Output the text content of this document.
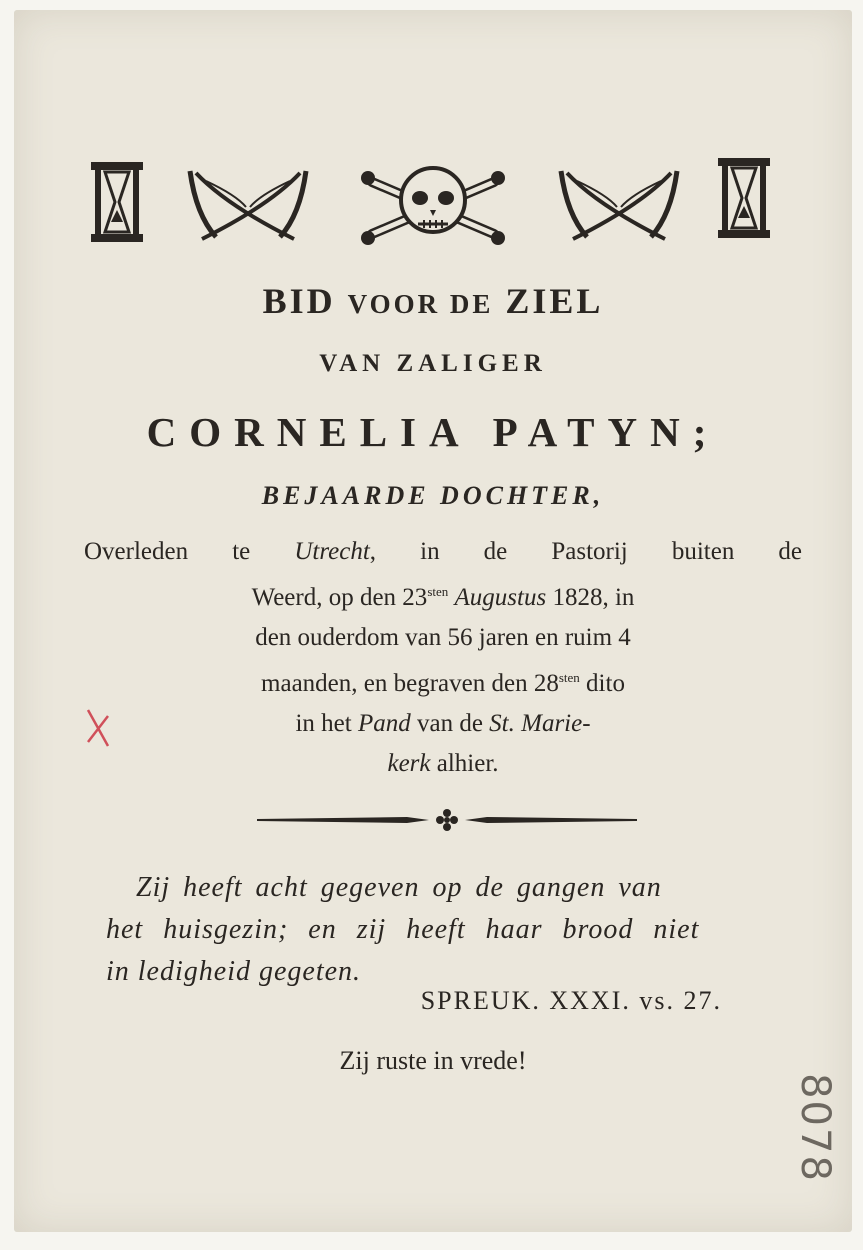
BID VOOR DE ZIEL
VAN ZALIGER
CORNELIA PATYN;
BEJAARDE DOCHTER,
Overleden te Utrecht, in de Pastorij buiten de
Weerd, op den $23^{sten}$ Augustus 1828, in
den ouderdom van 56 jaren en ruim 4
maanden, en begraven den $28^{sten}$ dito
in het Pand van de St. Marie-
kerk alhier.
Zij heeft acht gegeven op de gangen van
het huisgezin; en zij heeft haar brood niet
in ledigheid gegeten.
SPREUK. XXXI. vs. 27.
Zij ruste in vrede!
8078
